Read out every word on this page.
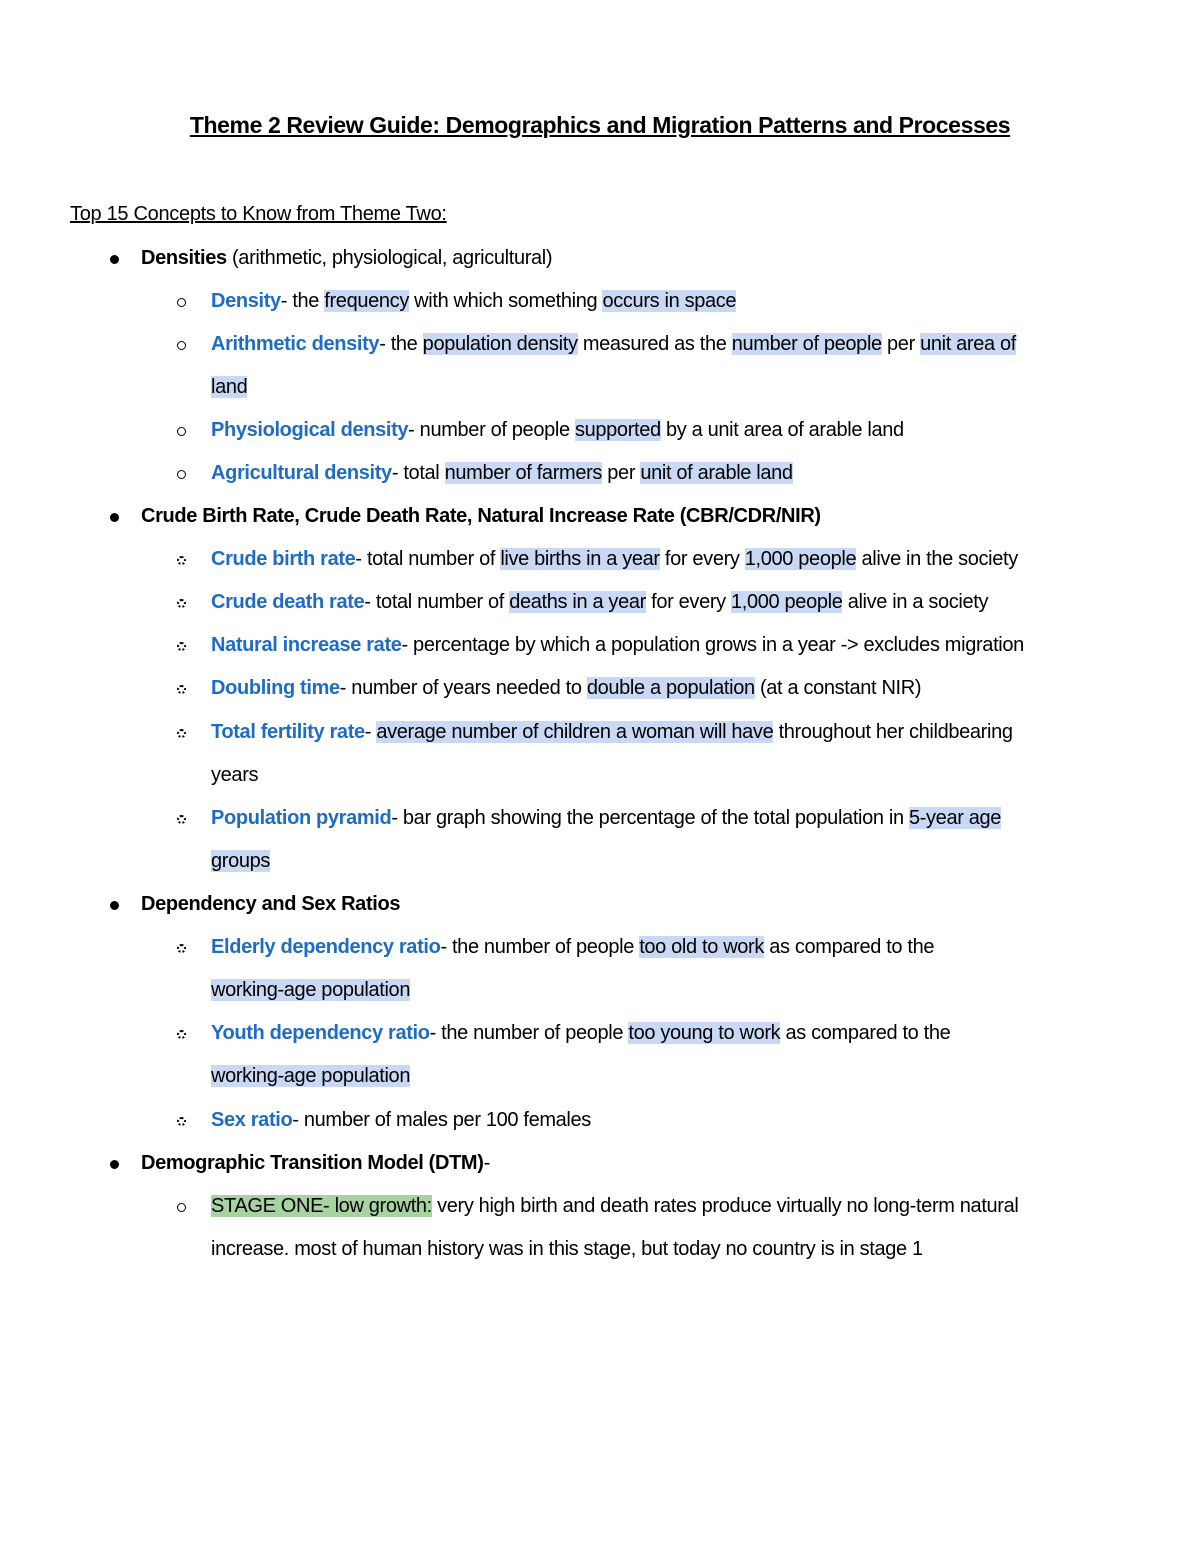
Theme 2 Review Guide: Demographics and Migration Patterns and Processes
Top 15 Concepts to Know from Theme Two:
Densities (arithmetic, physiological, agricultural)
Density- the frequency with which something occurs in space
Arithmetic density- the population density measured as the number of people per unit area of
land
Physiological density- number of people supported by a unit area of arable land
Agricultural density- total number of farmers per unit of arable land
Crude Birth Rate, Crude Death Rate, Natural Increase Rate (CBR/CDR/NIR)
Crude birth rate- total number of live births in a year for every 1,000 people alive in the society
Crude death rate- total number of deaths in a year for every 1,000 people alive in a society
Natural increase rate- percentage by which a population grows in a year -> excludes migration
Doubling time- number of years needed to double a population (at a constant NIR)
Total fertility rate- average number of children a woman will have throughout her childbearing
years
Population pyramid- bar graph showing the percentage of the total population in 5-year age
groups
Dependency and Sex Ratios
Elderly dependency ratio- the number of people too old to work as compared to the
working-age population
Youth dependency ratio- the number of people too young to work as compared to the
working-age population
Sex ratio- number of males per 100 females
Demographic Transition Model (DTM)-
STAGE ONE- low growth: very high birth and death rates produce virtually no long-term natural
increase. most of human history was in this stage, but today no country is in stage 1
